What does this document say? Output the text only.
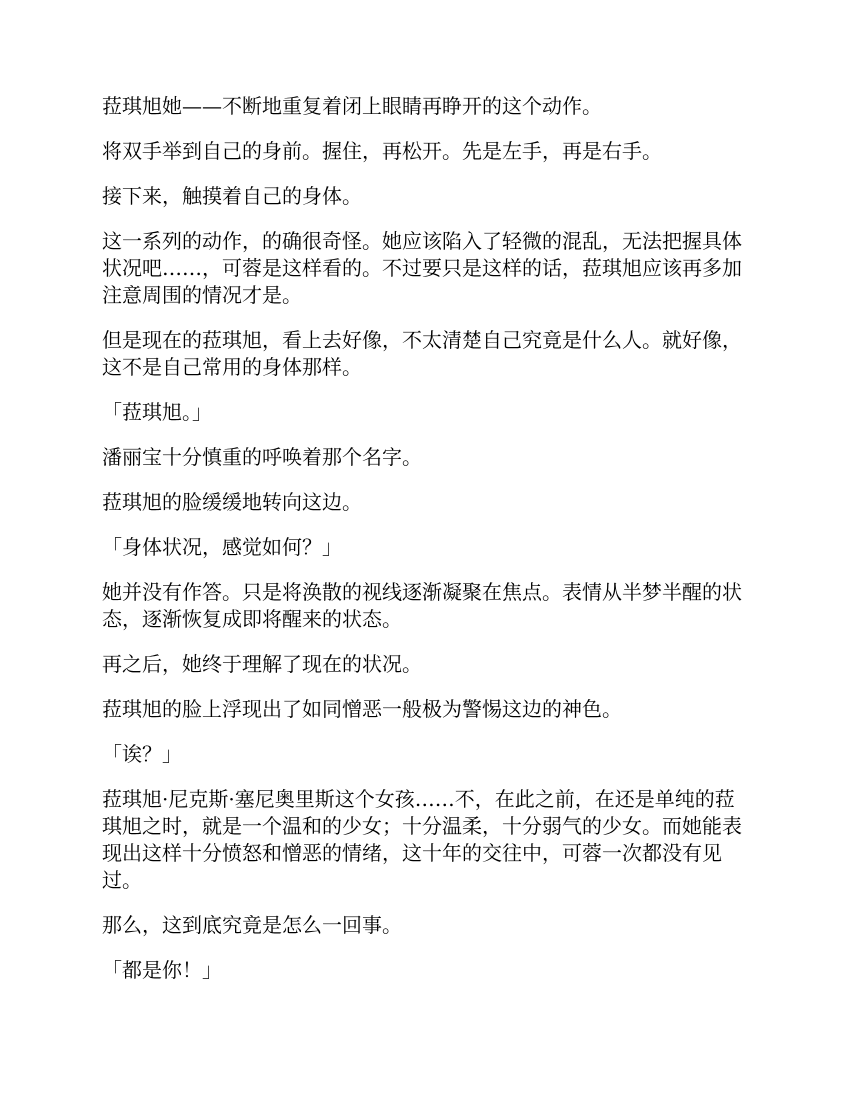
菈琪旭她——不断地重复着闭上眼睛再睁开的这个动作。

将双手举到自己的身前。握住，再松开。先是左手，再是右手。

接下来，触摸着自己的身体。

这一系列的动作，的确很奇怪。她应该陷入了轻微的混乱，无法把握具体状况吧……，可蓉是这样看的。不过要只是这样的话，菈琪旭应该再多加注意周围的情况才是。

但是现在的菈琪旭，看上去好像，不太清楚自己究竟是什么人。就好像，这不是自己常用的身体那样。

「菈琪旭。」

潘丽宝十分慎重的呼唤着那个名字。

菈琪旭的脸缓缓地转向这边。

「身体状况，感觉如何？」

她并没有作答。只是将涣散的视线逐渐凝聚在焦点。表情从半梦半醒的状态，逐渐恢复成即将醒来的状态。

再之后，她终于理解了现在的状况。

菈琪旭的脸上浮现出了如同憎恶一般极为警惕这边的神色。

「诶？」

菈琪旭·尼克斯·塞尼奥里斯这个女孩……不，在此之前，在还是单纯的菈琪旭之时，就是一个温和的少女；十分温柔，十分弱气的少女。而她能表现出这样十分愤怒和憎恶的情绪，这十年的交往中，可蓉一次都没有见过。

那么，这到底究竟是怎么一回事。

「都是你！」
